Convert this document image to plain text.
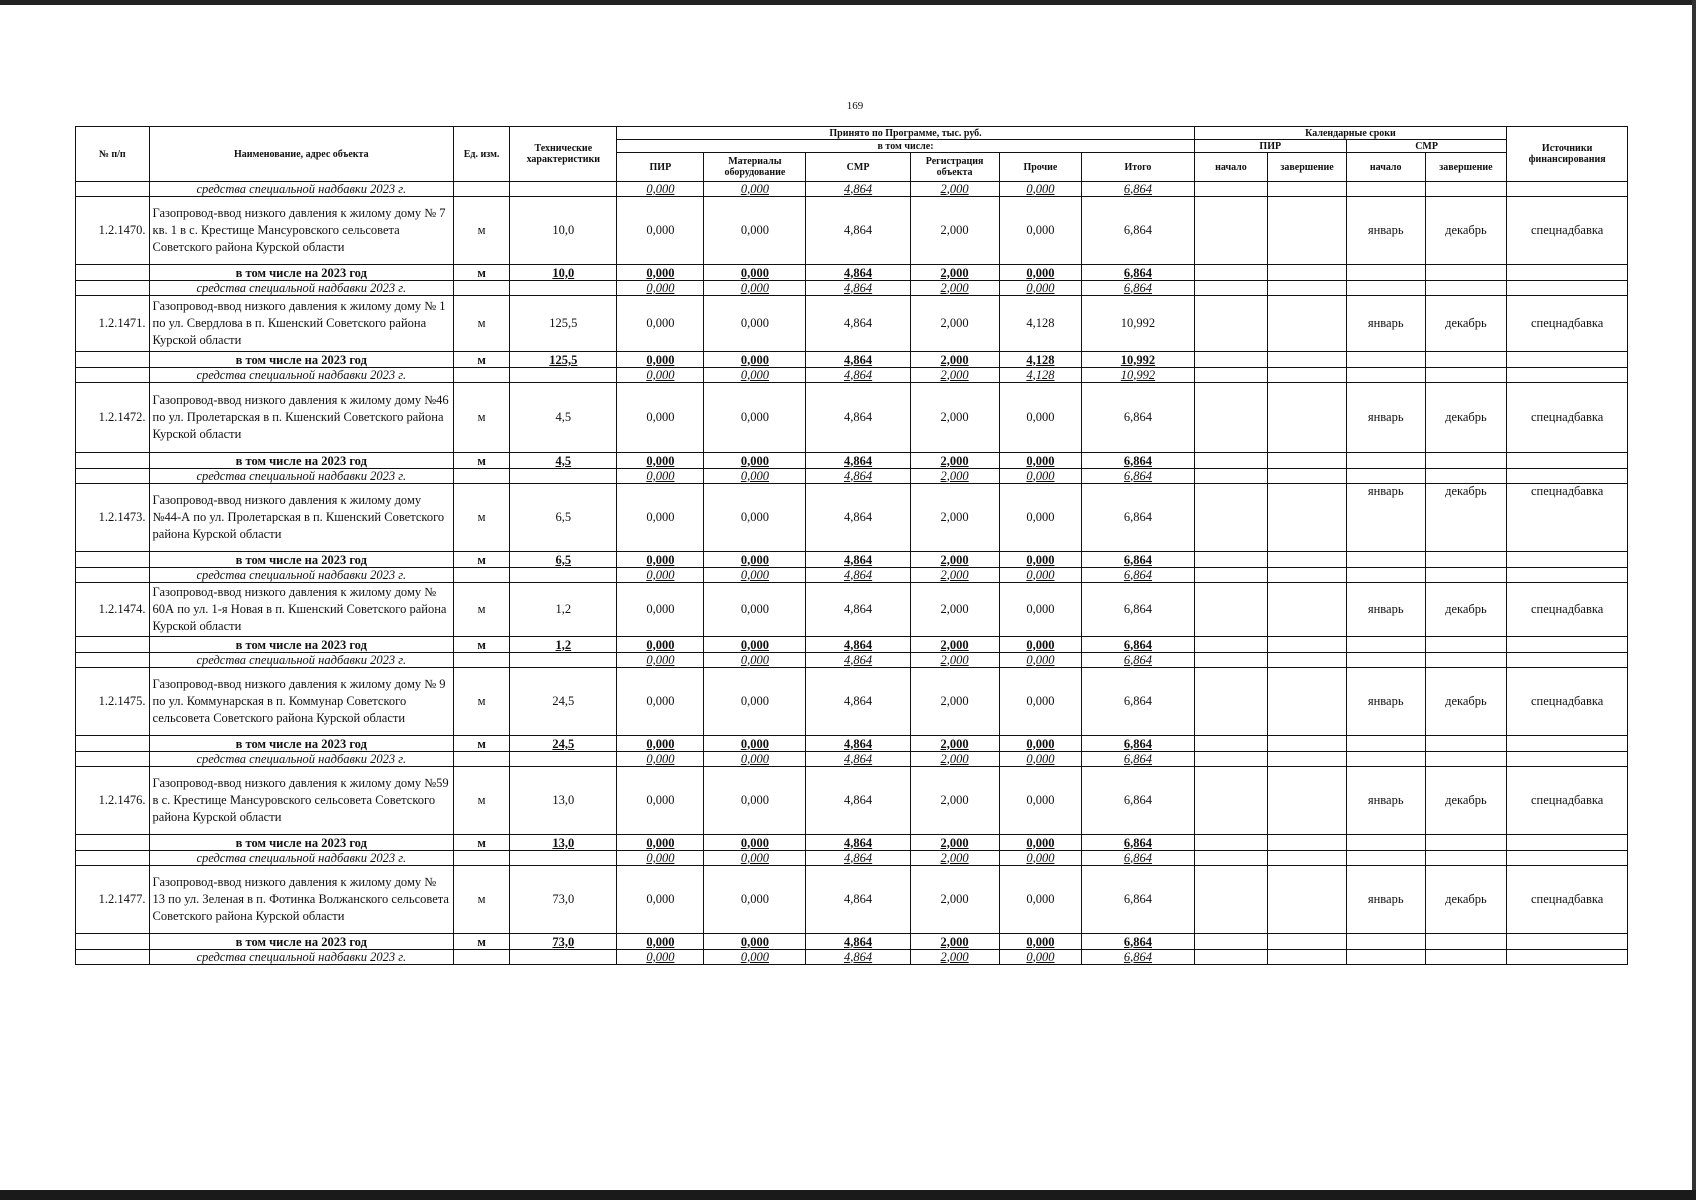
169
№ п/п	Наименование, адрес объекта	Ед. изм.	Технические характеристики	Принято по Программе, тыс. руб.						Календарные сроки				Источники финансирования
				в том числе:						ПИР		СМР		
				ПИР	Материалы оборудование	СМР	Регистрация объекта	Прочие	Итого	начало	завершение	начало	завершение	

	средства специальной надбавки 2023 г.			0,000	0,000	4,864	2,000	0,000	6,864					
1.2.1470.	Газопровод-ввод низкого давления к жилому дому № 7 кв. 1 в с. Крестище Мансуровского сельсовета Советского района Курской области	м	10,0	0,000	0,000	4,864	2,000	0,000	6,864			январь	декабрь	спецнадбавка
	в том числе на 2023 год	м	10,0	0,000	0,000	4,864	2,000	0,000	6,864					
	средства специальной надбавки 2023 г.			0,000	0,000	4,864	2,000	0,000	6,864					
1.2.1471.	Газопровод-ввод низкого давления к жилому дому № 1 по ул. Свердлова в п. Кшенский Советского района Курской области	м	125,5	0,000	0,000	4,864	2,000	4,128	10,992			январь	декабрь	спецнадбавка
	в том числе на 2023 год	м	125,5	0,000	0,000	4,864	2,000	4,128	10,992					
	средства специальной надбавки 2023 г.			0,000	0,000	4,864	2,000	4,128	10,992					
1.2.1472.	Газопровод-ввод низкого давления к жилому дому №46 по ул. Пролетарская в п. Кшенский Советского района Курской области	м	4,5	0,000	0,000	4,864	2,000	0,000	6,864			январь	декабрь	спецнадбавка
	в том числе на 2023 год	м	4,5	0,000	0,000	4,864	2,000	0,000	6,864					
	средства специальной надбавки 2023 г.			0,000	0,000	4,864	2,000	0,000	6,864					
1.2.1473.	Газопровод-ввод низкого давления к жилому дому №44-А по ул. Пролетарская в п. Кшенский Советского района Курской области	м	6,5	0,000	0,000	4,864	2,000	0,000	6,864			январь	декабрь	спецнадбавка
	в том числе на 2023 год	м	6,5	0,000	0,000	4,864	2,000	0,000	6,864					
	средства специальной надбавки 2023 г.			0,000	0,000	4,864	2,000	0,000	6,864					
1.2.1474.	Газопровод-ввод низкого давления к жилому дому № 60А по ул. 1-я Новая в п. Кшенский Советского района Курской области	м	1,2	0,000	0,000	4,864	2,000	0,000	6,864			январь	декабрь	спецнадбавка
	в том числе на 2023 год	м	1,2	0,000	0,000	4,864	2,000	0,000	6,864					
	средства специальной надбавки 2023 г.			0,000	0,000	4,864	2,000	0,000	6,864					
1.2.1475.	Газопровод-ввод низкого давления к жилому дому № 9 по ул. Коммунарская в п. Коммунар Советского сельсовета Советского района Курской области	м	24,5	0,000	0,000	4,864	2,000	0,000	6,864			январь	декабрь	спецнадбавка
	в том числе на 2023 год	м	24,5	0,000	0,000	4,864	2,000	0,000	6,864					
	средства специальной надбавки 2023 г.			0,000	0,000	4,864	2,000	0,000	6,864					
1.2.1476.	Газопровод-ввод низкого давления к жилому дому №59 в с. Крестище Мансуровского сельсовета Советского района Курской области	м	13,0	0,000	0,000	4,864	2,000	0,000	6,864			январь	декабрь	спецнадбавка
	в том числе на 2023 год	м	13,0	0,000	0,000	4,864	2,000	0,000	6,864					
	средства специальной надбавки 2023 г.			0,000	0,000	4,864	2,000	0,000	6,864					
1.2.1477.	Газопровод-ввод низкого давления к жилому дому № 13 по ул. Зеленая в п. Фотинка Волжанского сельсовета Советского района Курской области	м	73,0	0,000	0,000	4,864	2,000	0,000	6,864			январь	декабрь	спецнадбавка
	в том числе на 2023 год	м	73,0	0,000	0,000	4,864	2,000	0,000	6,864					
	средства специальной надбавки 2023 г.			0,000	0,000	4,864	2,000	0,000	6,864					
